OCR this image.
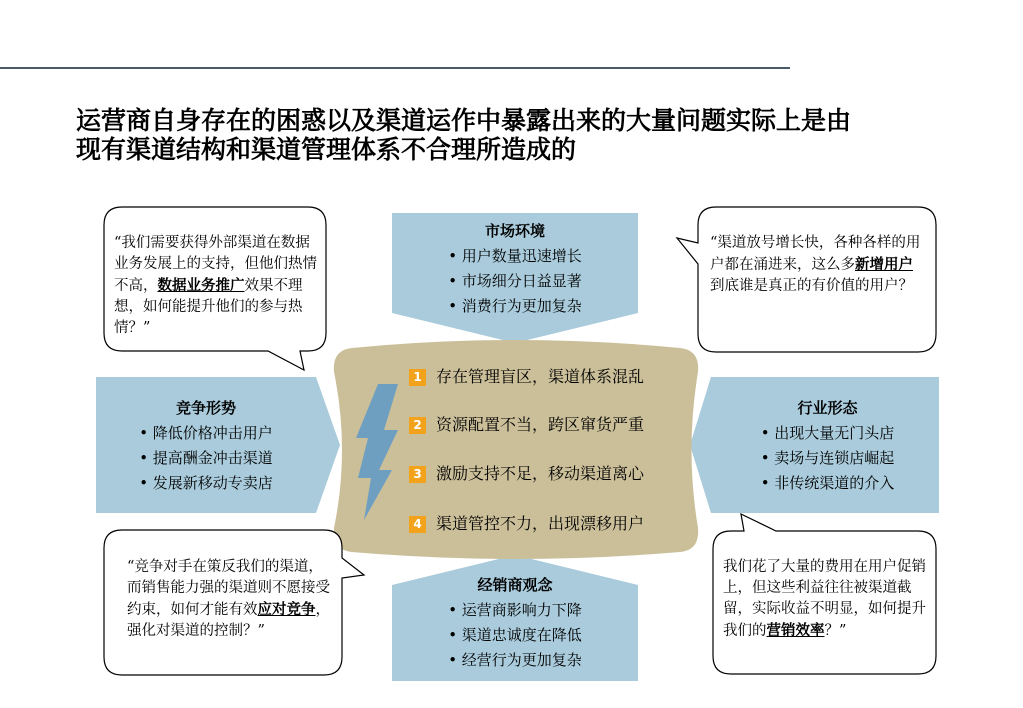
运营商自身存在的困惑以及渠道运作中暴露出来的大量问题实际上是由
现有渠道结构和渠道管理体系不合理所造成的
市场环境
• 用户数量迅速增长
• 市场细分日益显著
• 消费行为更加复杂
竞争形势
• 降低价格冲击用户
• 提高酬金冲击渠道
• 发展新移动专卖店
行业形态
• 出现大量无门头店
• 卖场与连锁店崛起
• 非传统渠道的介入
经销商观念
• 运营商影响力下降
• 渠道忠诚度在降低
• 经营行为更加复杂
1 存在管理盲区，渠道体系混乱
2 资源配置不当，跨区窜货严重
3 激励支持不足，移动渠道离心
4 渠道管控不力，出现漂移用户
“我们需要获得外部渠道在数据业务发展上的支持，但他们热情不高，数据业务推广效果不理想，如何能提升他们的参与热情？”
“渠道放号增长快，各种各样的用户都在涌进来，这么多新增用户到底谁是真正的有价值的用户？
“竞争对手在策反我们的渠道，而销售能力强的渠道则不愿接受约束，如何才能有效应对竞争，强化对渠道的控制？”
我们花了大量的费用在用户促销上，但这些利益往往被渠道截留，实际收益不明显，如何提升我们的营销效率？”
